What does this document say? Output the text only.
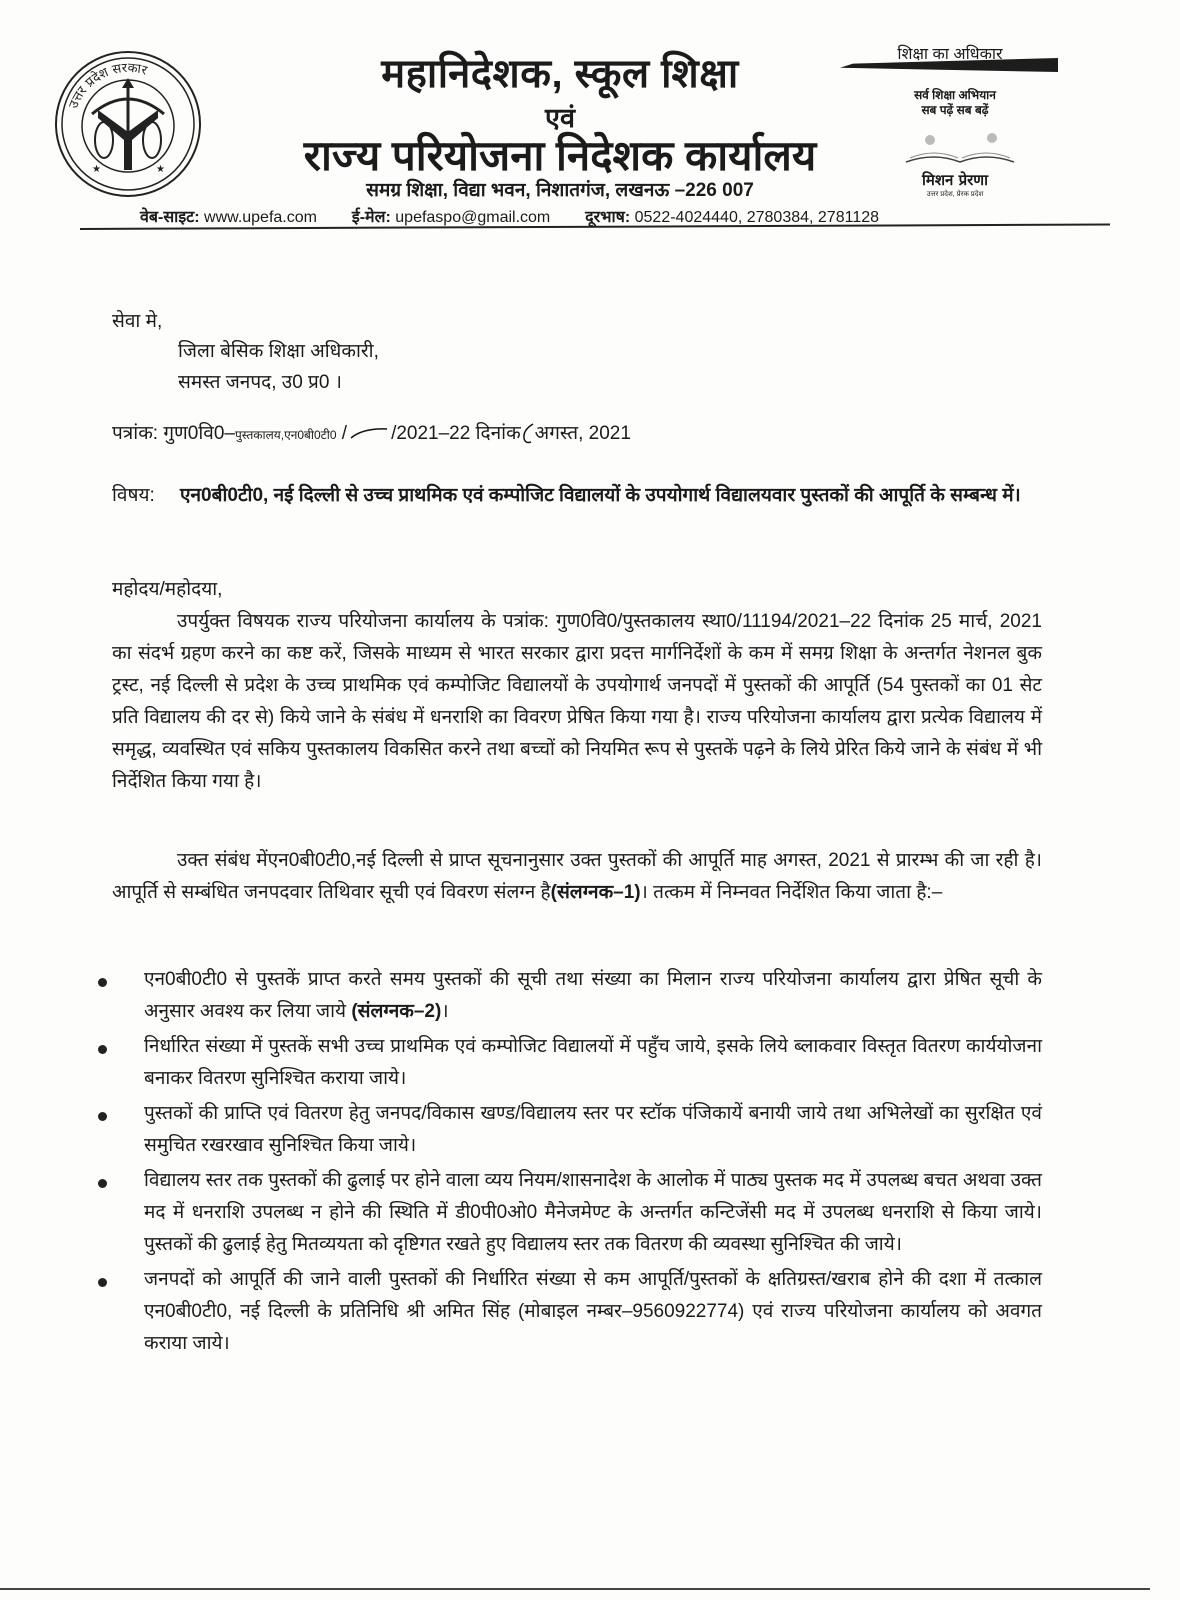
★	★
उत्तर प्रदेश सरकार	महानिदेशक, स्कूल शिक्षा
एवं
राज्य परियोजना निदेशक कार्यालय
समग्र शिक्षा, विद्या भवन, निशातगंज, लखनऊ –226 007
वेब-साइट: www.upefa.com ई-मेल: upefaspo@gmail.com दूरभाष: 0522-4024440, 2780384, 2781128
शिक्षा का अधिकार
सर्व शिक्षा अभियान
सब पढ़ें सब बढ़ें
मिशन प्रेरणा
उत्तर प्रदेश, प्रेरक प्रदेश
सेवा मे,
जिला बेसिक शिक्षा अधिकारी,
समस्त जनपद, उ0 प्र0 ।
पत्रांक: गुण0वि0–पुस्तकालय,एन0बी0टी0 / /2021–22 दिनांक अगस्त, 2021
विषय: एन0बी0टी0, नई दिल्ली से उच्च प्राथमिक एवं कम्पोजिट विद्यालयों के उपयोगार्थ विद्यालयवार पुस्तकों की आपूर्ति के सम्बन्ध में।
महोदय/महोदया,
उपर्युक्त विषयक राज्य परियोजना कार्यालय के पत्रांक: गुण0वि0/पुस्तकालय स्था0/11194/2021–22 दिनांक 25 मार्च, 2021 का संदर्भ ग्रहण करने का कष्ट करें, जिसके माध्यम से भारत सरकार द्वारा प्रदत्त मार्गनिर्देशों के कम में समग्र शिक्षा के अन्तर्गत नेशनल बुक ट्रस्ट, नई दिल्ली से प्रदेश के उच्च प्राथमिक एवं कम्पोजिट विद्यालयों के उपयोगार्थ जनपदों में पुस्तकों की आपूर्ति (54 पुस्तकों का 01 सेट प्रति विद्यालय की दर से) किये जाने के संबंध में धनराशि का विवरण प्रेषित किया गया है। राज्य परियोजना कार्यालय द्वारा प्रत्येक विद्यालय में समृद्ध, व्यवस्थित एवं सकिय पुस्तकालय विकसित करने तथा बच्चों को नियमित रूप से पुस्तकें पढ़ने के लिये प्रेरित किये जाने के संबंध में भी निर्देशित किया गया है।
उक्त संबंध मेंएन0बी0टी0,नई दिल्ली से प्राप्त सूचनानुसार उक्त पुस्तकों की आपूर्ति माह अगस्त, 2021 से प्रारम्भ की जा रही है। आपूर्ति से सम्बंधित जनपदवार तिथिवार सूची एवं विवरण संलग्न है(संलग्नक–1)। तत्कम में निम्नवत निर्देशित किया जाता है:–
एन0बी0टी0 से पुस्तकें प्राप्त करते समय पुस्तकों की सूची तथा संख्या का मिलान राज्य परियोजना कार्यालय द्वारा प्रेषित सूची के अनुसार अवश्य कर लिया जाये (संलग्नक–2)।
निर्धारित संख्या में पुस्तकें सभी उच्च प्राथमिक एवं कम्पोजिट विद्यालयों में पहुँच जाये, इसके लिये ब्लाकवार विस्तृत वितरण कार्ययोजना बनाकर वितरण सुनिश्चित कराया जाये।
पुस्तकों की प्राप्ति एवं वितरण हेतु जनपद/विकास खण्ड/विद्यालय स्तर पर स्टॉक पंजिकायें बनायी जाये तथा अभिलेखों का सुरक्षित एवं समुचित रखरखाव सुनिश्चित किया जाये।
विद्यालय स्तर तक पुस्तकों की ढुलाई पर होने वाला व्यय नियम/शासनादेश के आलोक में पाठ्य पुस्तक मद में उपलब्ध बचत अथवा उक्त मद में धनराशि उपलब्ध न होने की स्थिति में डी0पी0ओ0 मैनेजमेण्ट के अन्तर्गत कन्टिजेंसी मद में उपलब्ध धनराशि से किया जाये। पुस्तकों की ढुलाई हेतु मितव्ययता को दृष्टिगत रखते हुए विद्यालय स्तर तक वितरण की व्यवस्था सुनिश्चित की जाये।
जनपदों को आपूर्ति की जाने वाली पुस्तकों की निर्धारित संख्या से कम आपूर्ति/पुस्तकों के क्षतिग्रस्त/खराब होने की दशा में तत्काल एन0बी0टी0, नई दिल्ली के प्रतिनिधि श्री अमित सिंह (मोबाइल नम्बर–9560922774) एवं राज्य परियोजना कार्यालय को अवगत कराया जाये।
